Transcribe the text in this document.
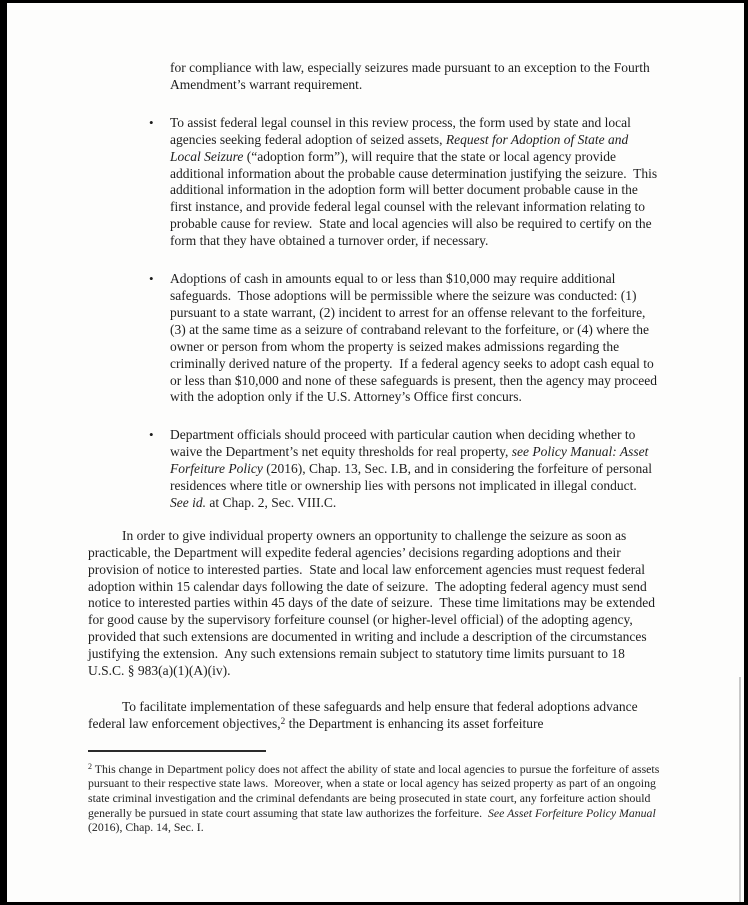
for compliance with law, especially seizures made pursuant to an exception to the Fourth Amendment’s warrant requirement.

• To assist federal legal counsel in this review process, the form used by state and local agencies seeking federal adoption of seized assets, Request for Adoption of State and Local Seizure (“adoption form”), will require that the state or local agency provide additional information about the probable cause determination justifying the seizure.  This additional information in the adoption form will better document probable cause in the first instance, and provide federal legal counsel with the relevant information relating to probable cause for review.  State and local agencies will also be required to certify on the form that they have obtained a turnover order, if necessary.

• Adoptions of cash in amounts equal to or less than $10,000 may require additional safeguards.  Those adoptions will be permissible where the seizure was conducted: (1) pursuant to a state warrant, (2) incident to arrest for an offense relevant to the forfeiture, (3) at the same time as a seizure of contraband relevant to the forfeiture, or (4) where the owner or person from whom the property is seized makes admissions regarding the criminally derived nature of the property.  If a federal agency seeks to adopt cash equal to or less than $10,000 and none of these safeguards is present, then the agency may proceed with the adoption only if the U.S. Attorney’s Office first concurs.

• Department officials should proceed with particular caution when deciding whether to waive the Department’s net equity thresholds for real property, see Policy Manual: Asset Forfeiture Policy (2016), Chap. 13, Sec. I.B, and in considering the forfeiture of personal residences where title or ownership lies with persons not implicated in illegal conduct.  See id. at Chap. 2, Sec. VIII.C.

In order to give individual property owners an opportunity to challenge the seizure as soon as practicable, the Department will expedite federal agencies’ decisions regarding adoptions and their provision of notice to interested parties.  State and local law enforcement agencies must request federal adoption within 15 calendar days following the date of seizure.  The adopting federal agency must send notice to interested parties within 45 days of the date of seizure.  These time limitations may be extended for good cause by the supervisory forfeiture counsel (or higher-level official) of the adopting agency, provided that such extensions are documented in writing and include a description of the circumstances justifying the extension.  Any such extensions remain subject to statutory time limits pursuant to 18 U.S.C. § 983(a)(1)(A)(iv).

To facilitate implementation of these safeguards and help ensure that federal adoptions advance federal law enforcement objectives,$^2$ the Department is enhancing its asset forfeiture

$^2$ This change in Department policy does not affect the ability of state and local agencies to pursue the forfeiture of assets pursuant to their respective state laws.  Moreover, when a state or local agency has seized property as part of an ongoing state criminal investigation and the criminal defendants are being prosecuted in state court, any forfeiture action should generally be pursued in state court assuming that state law authorizes the forfeiture.  See Asset Forfeiture Policy Manual (2016), Chap. 14, Sec. I.
